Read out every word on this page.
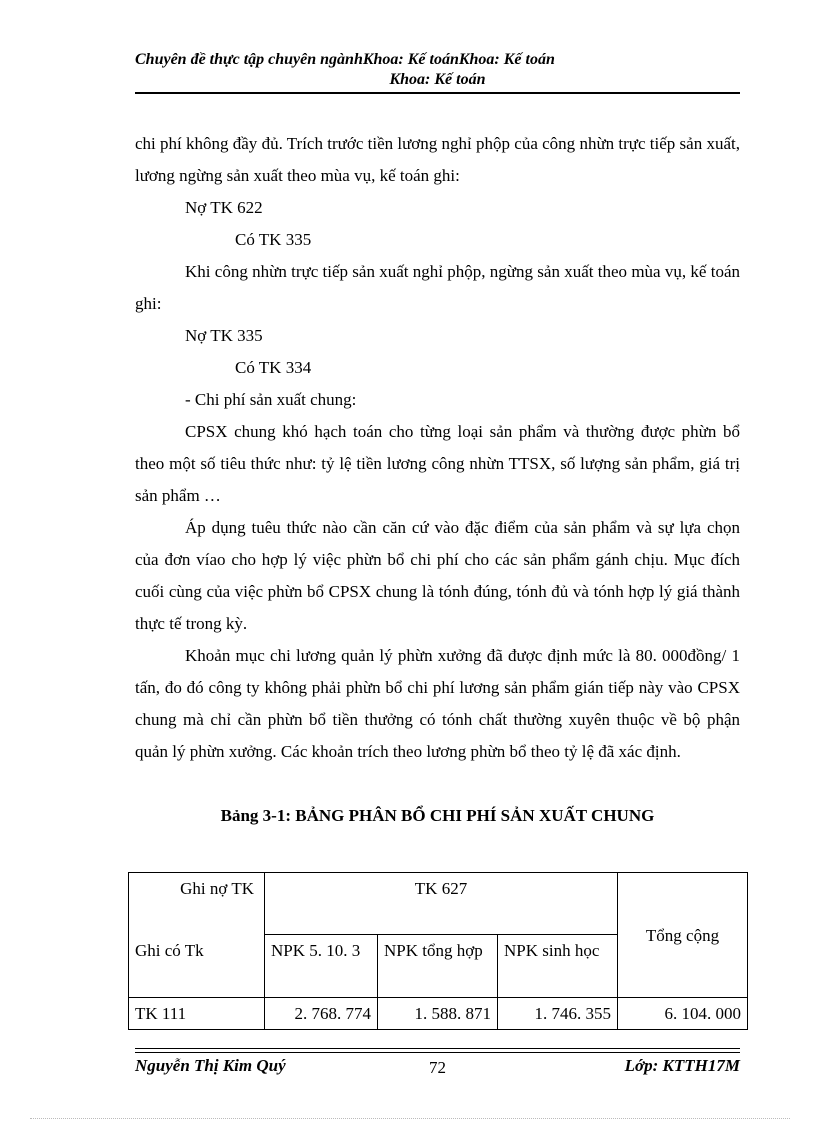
Chuyên đề thực tập chuyên ngànhKhoa: Kế toánKhoa: Kế toán
Khoa: Kế toán

chi phí không đầy đủ. Trích trước tiền lương nghỉ phộp của công nhừn trực tiếp sản xuất, lương ngừng sản xuất theo mùa vụ, kế toán ghi:

Nợ TK 622

Có TK 335

Khi công nhừn trực tiếp sản xuất nghỉ phộp, ngừng sản xuất theo mùa vụ, kế toán ghi:

Nợ TK 335

Có TK 334

- Chi phí sản xuất chung:

CPSX chung khó hạch toán cho từng loại sản phẩm và thường được phừn bổ theo một số tiêu thức như: tỷ lệ tiền lương công nhừn TTSX, số lượng sản phẩm, giá trị sản phẩm …

Áp dụng tuêu thức nào cần căn cứ vào đặc điểm của sản phẩm và sự lựa chọn của đơn víao cho hợp lý việc phừn bổ chi phí cho các sản phẩm gánh chịu. Mục đích cuối cùng của việc phừn bổ CPSX chung là tónh đúng, tónh đủ và tónh hợp lý giá thành thực tế trong kỳ.

Khoản mục chi lương quản lý phừn xưởng đã được định mức là 80. 000đồng/ 1 tấn, đo đó công ty không phải phừn bổ chi phí lương sản phẩm gián tiếp này vào CPSX chung mà chỉ cần phừn bổ tiền thưởng có tónh chất thường xuyên thuộc về bộ phận quản lý phừn xưởng. Các khoản trích theo lương phừn bổ theo tỷ lệ đã xác định.

Bảng 3-1: BẢNG PHÂN BỔ CHI PHÍ SẢN XUẤT CHUNG
Ghi nợ TK
Ghi có Tk	TK 627			Tổng cộng
	NPK 5. 10. 3	NPK tổng hợp	NPK sinh học	
TK 111	2. 768. 774	1. 588. 871	1. 746. 355	6. 104. 000
Nguyễn Thị Kim Quý	72	Lớp: KTTH17M
